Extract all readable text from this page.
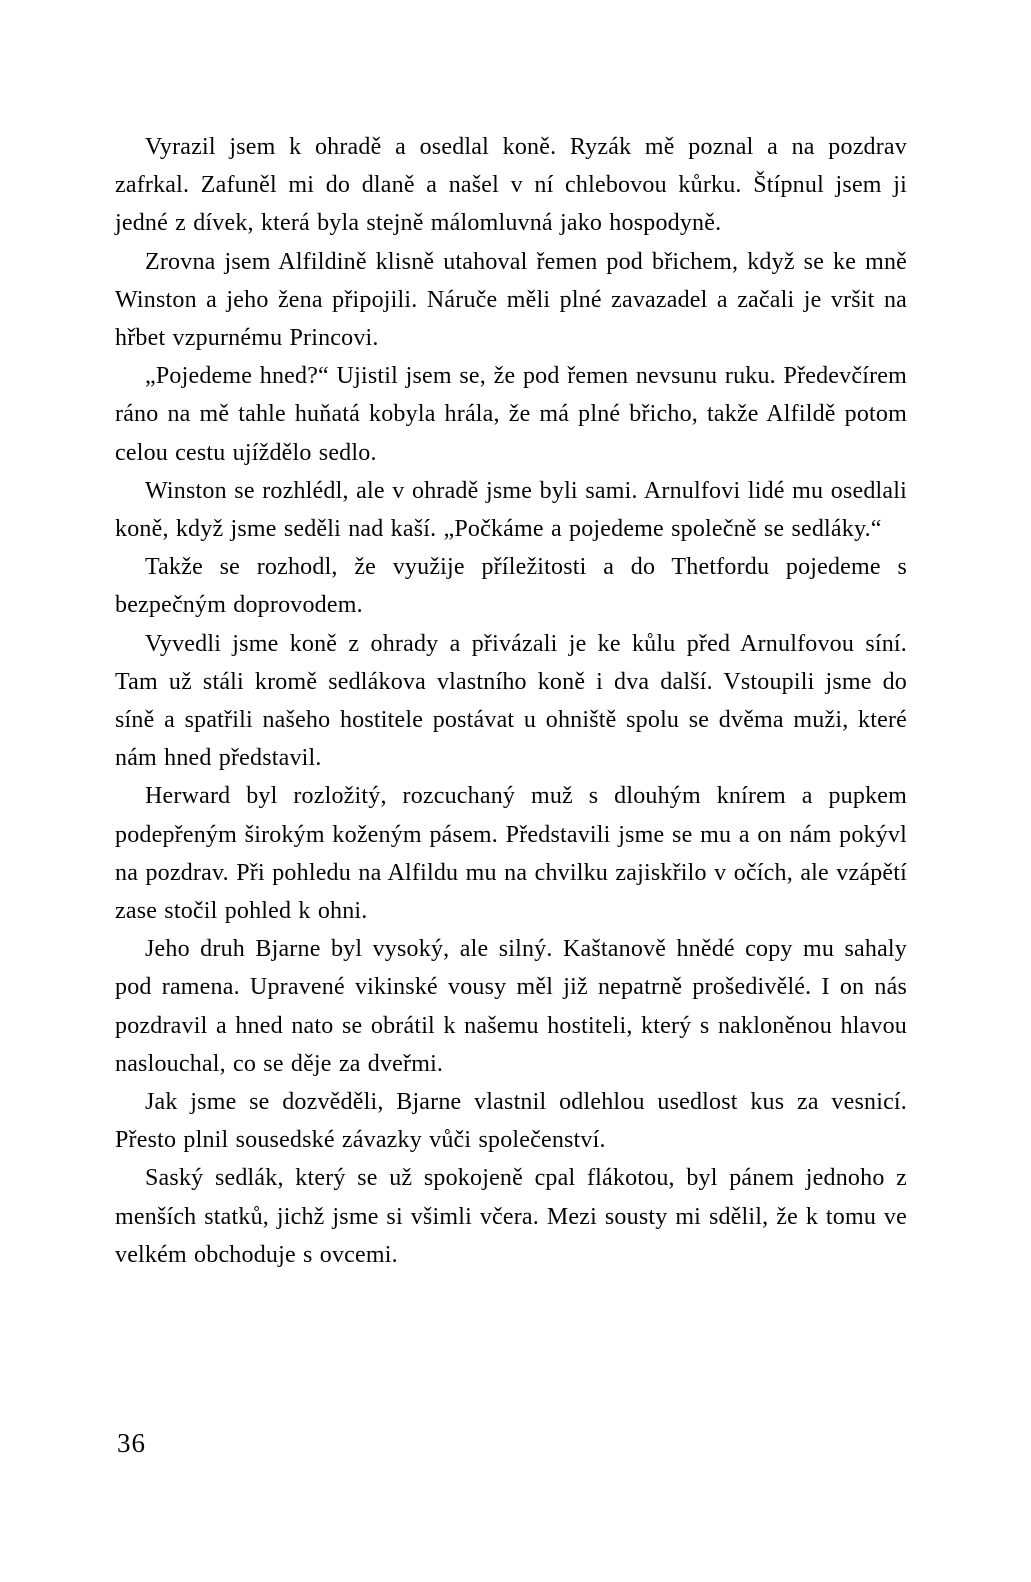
Vyrazil jsem k ohradě a osedlal koně. Ryzák mě poznal a na pozdrav zafrkal. Zafuněl mi do dlaně a našel v ní chlebovou kůrku. Štípnul jsem ji jedné z dívek, která byla stejně málomluvná jako hospodyně.

Zrovna jsem Alfildině klisně utahoval řemen pod břichem, když se ke mně Winston a jeho žena připojili. Náruče měli plné zavazadel a začali je vršit na hřbet vzpurnému Princovi.

„Pojedeme hned?“ Ujistil jsem se, že pod řemen nevsunu ruku. Předevčírem ráno na mě tahle huňatá kobyla hrála, že má plné břicho, takže Alfildě potom celou cestu ujíždělo sedlo.

Winston se rozhlédl, ale v ohradě jsme byli sami. Arnulfovi lidé mu osedlali koně, když jsme seděli nad kaší. „Počkáme a pojedeme společně se sedláky.“

Takže se rozhodl, že využije příležitosti a do Thetfordu pojedeme s bezpečným doprovodem.

Vyvedli jsme koně z ohrady a přivázali je ke kůlu před Arnulfovou síní. Tam už stáli kromě sedlákova vlastního koně i dva další. Vstoupili jsme do síně a spatřili našeho hostitele postávat u ohniště spolu se dvěma muži, které nám hned představil.

Herward byl rozložitý, rozcuchaný muž s dlouhým knírem a pupkem podepřeným širokým koženým pásem. Představili jsme se mu a on nám pokývl na pozdrav. Při pohledu na Alfildu mu na chvilku zajiskřilo v očích, ale vzápětí zase stočil pohled k ohni.

Jeho druh Bjarne byl vysoký, ale silný. Kaštanově hnědé copy mu sahaly pod ramena. Upravené vikinské vousy měl již nepatrně prošedivělé. I on nás pozdravil a hned nato se obrátil k našemu hostiteli, který s nakloněnou hlavou naslouchal, co se děje za dveřmi.

Jak jsme se dozvěděli, Bjarne vlastnil odlehlou usedlost kus za vesnicí. Přesto plnil sousedské závazky vůči společenství.

Saský sedlák, který se už spokojeně cpal flákotou, byl pánem jednoho z menších statků, jichž jsme si všimli včera. Mezi sousty mi sdělil, že k tomu ve velkém obchoduje s ovcemi.

36
